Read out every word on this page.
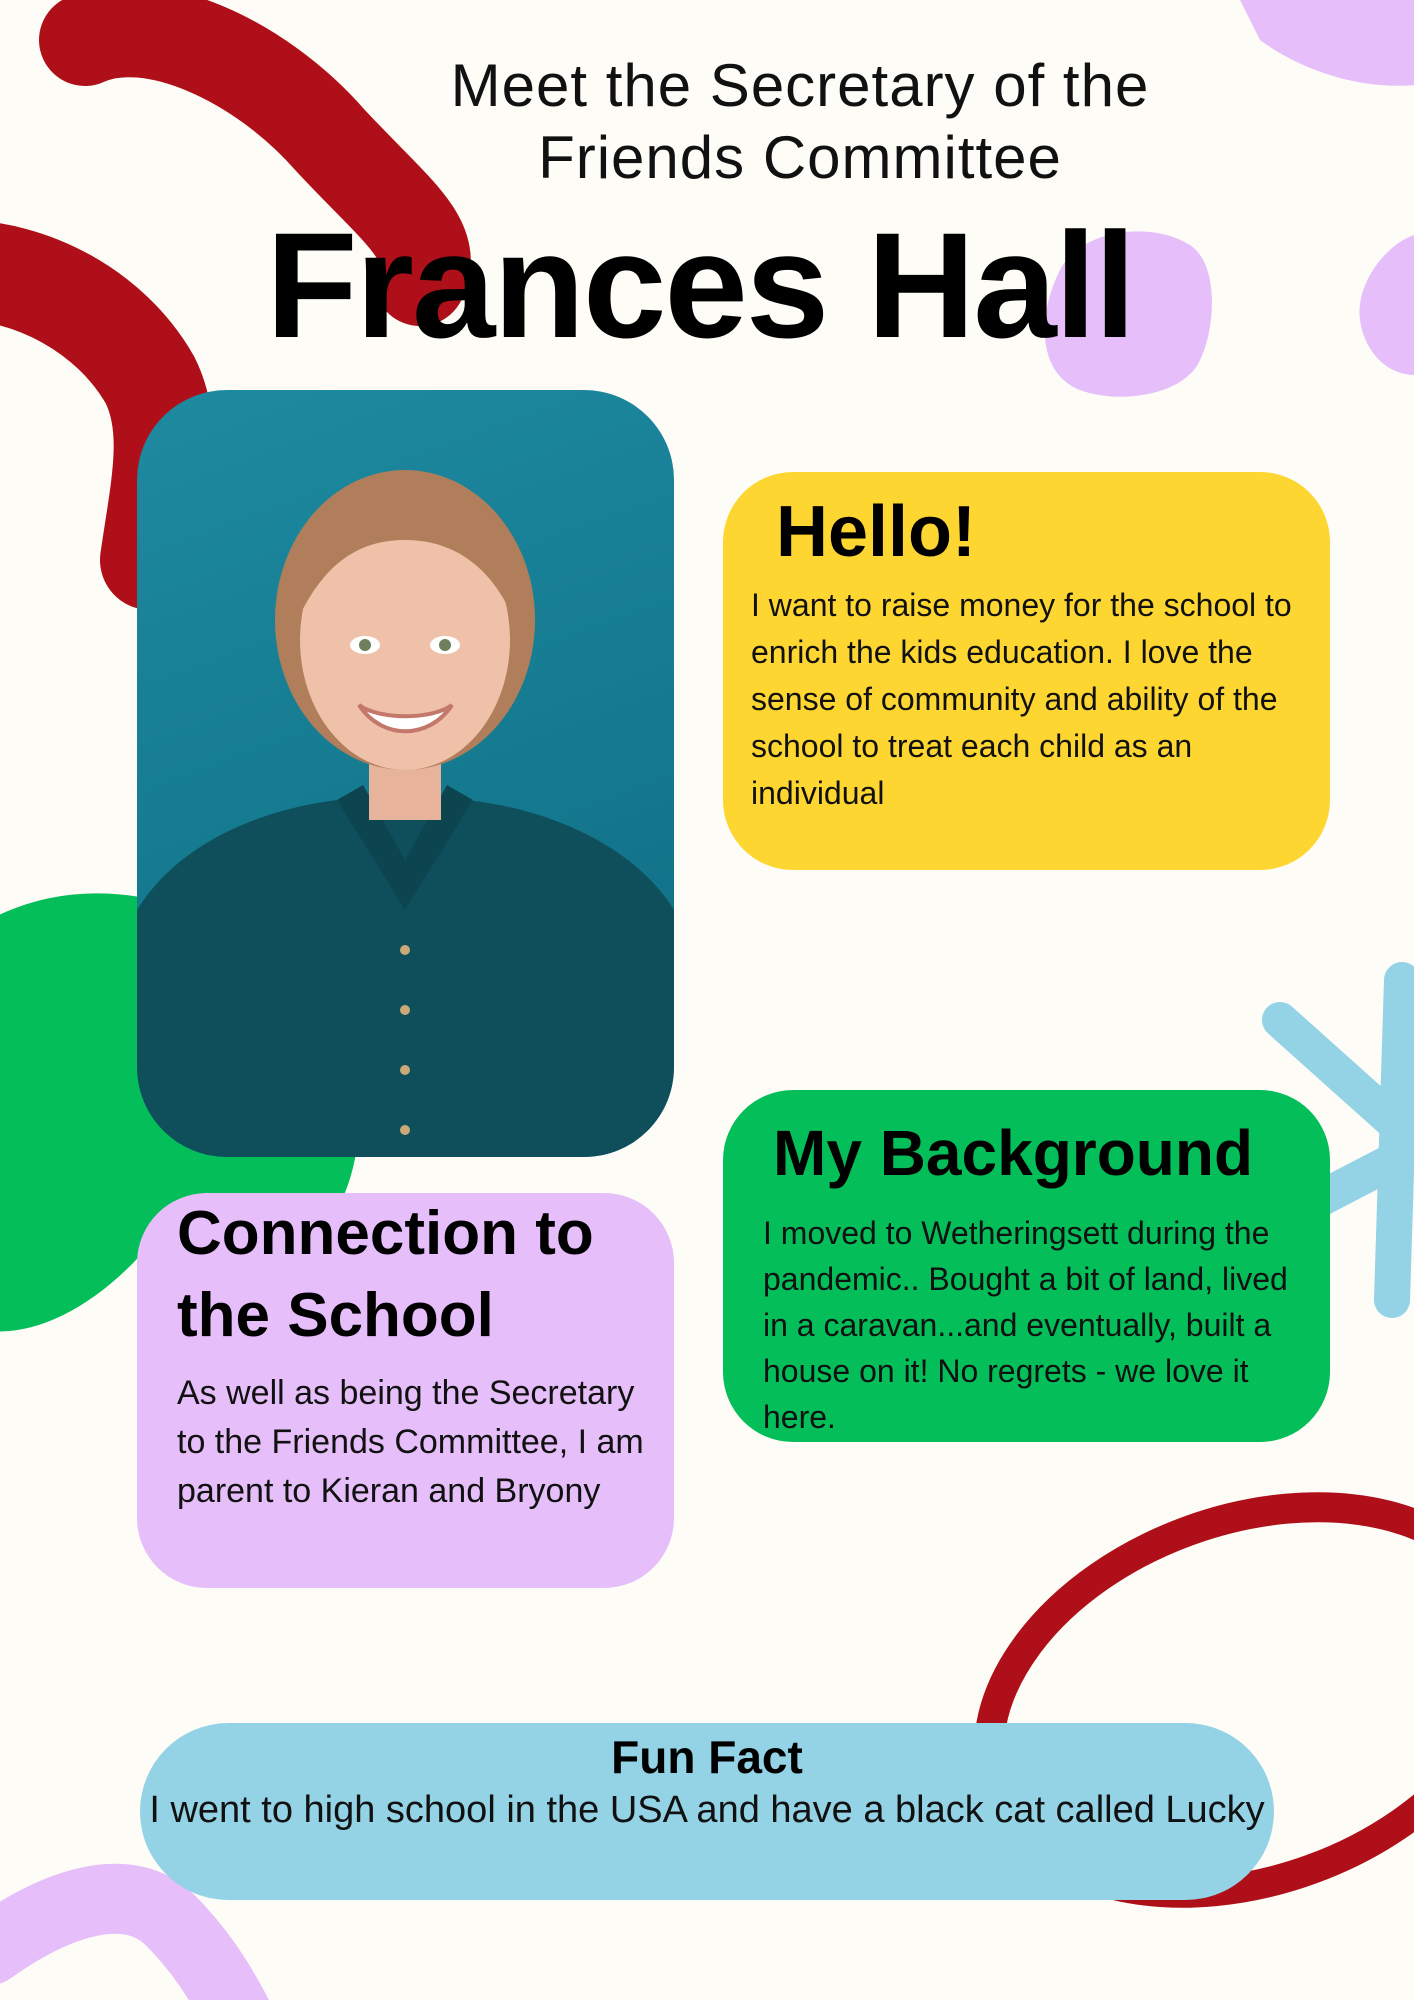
Meet the Secretary of the
Friends Committee
Frances Hall
Hello!

I want to raise money for the school to enrich the kids education. I love the sense of community and ability of the school to treat each child as an individual

My Background

I moved to Wetheringsett during the pandemic.. Bought a bit of land, lived in a caravan...and eventually, built a house on it! No regrets - we love it here.

Connection to
the School

As well as being the Secretary to the Friends Committee, I am parent to Kieran and Bryony

Fun Fact

I went to high school in the USA and have a black cat called Lucky
